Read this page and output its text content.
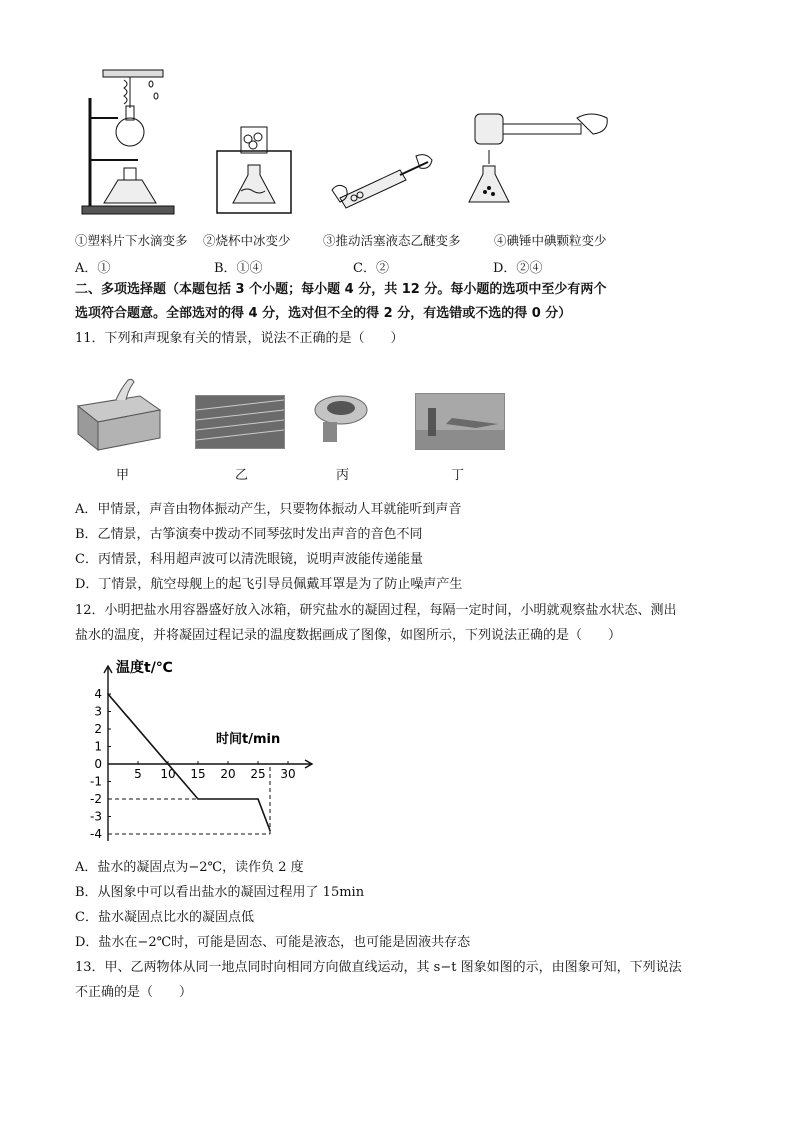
①塑料片下水滴变多 ②烧杯中冰变少	③推动活塞液态乙醚变多	④碘锤中碘颗粒变少
A．①	B．①④	C．②	D．②④
二、多项选择题（本题包括 3 个小题；每小题 4 分，共 12 分。每小题的选项中至少有两个
选项符合题意。全部选对的得 4 分，选对但不全的得 2 分，有选错或不选的得 0 分）
11．下列和声现象有关的情景，说法不正确的是（　　）
甲	乙	丙	丁
A．甲情景，声音由物体振动产生，只要物体振动人耳就能听到声音
B．乙情景，古筝演奏中拨动不同琴弦时发出声音的音色不同
C．丙情景，科用超声波可以清洗眼镜，说明声波能传递能量
D．丁情景，航空母舰上的起飞引导员佩戴耳罩是为了防止噪声产生
12．小明把盐水用容器盛好放入冰箱，研究盐水的凝固过程，每隔一定时间，小明就观察盐水状态、测出
盐水的温度，并将凝固过程记录的温度数据画成了图像，如图所示，下列说法正确的是（　　）
温度t/℃
时间t/min
4
3
2
1
0
-1
-2
-3
-4
5 10 15 20 25 30
A．盐水的凝固点为−2℃，读作负 2 度
B．从图象中可以看出盐水的凝固过程用了 15min
C．盐水凝固点比水的凝固点低
D．盐水在−2℃时，可能是固态、可能是液态，也可能是固液共存态
13．甲、乙两物体从同一地点同时向相同方向做直线运动，其 s−t 图象如图的示，由图象可知，下列说法
不正确的是（　　）
